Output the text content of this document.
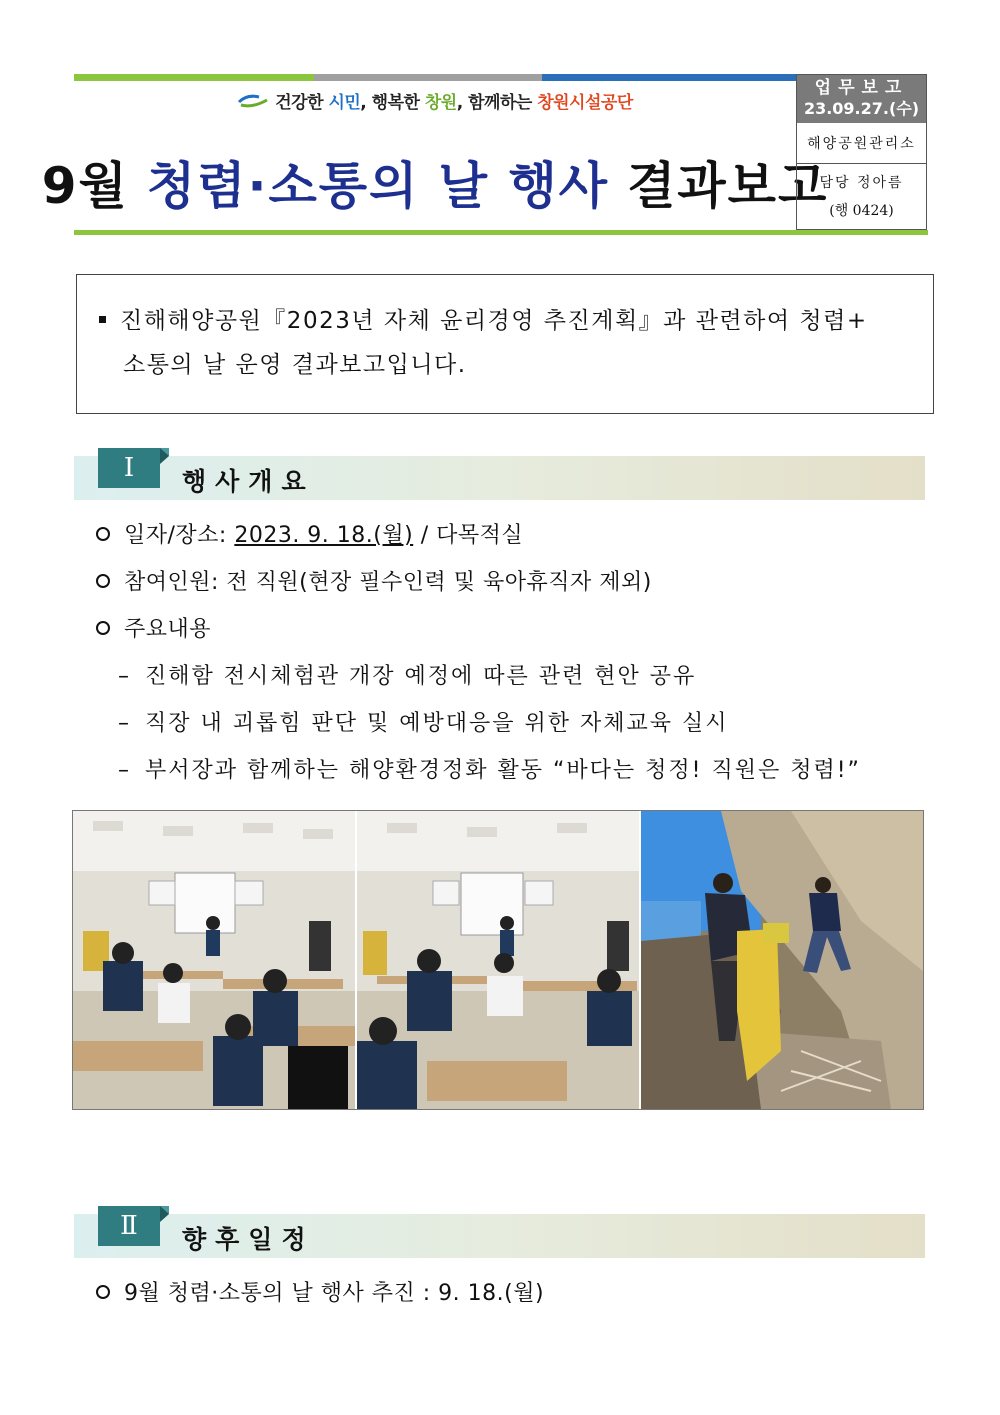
건강한 시민, 행복한 창원, 함께하는 창원시설공단
9월 청렴·소통의 날 행사 결과보고
업무보고
23.09.27.(수)
해양공원관리소
담당 정아름
(행 0424)
진해해양공원『2023년 자체 윤리경영 추진계획』과 관련하여 청렴+
소통의 날 운영 결과보고입니다.
Ⅰ	행사개요
일자/장소: 2023. 9. 18.(월) / 다목적실
참여인원: 전 직원(현장 필수인력 및 육아휴직자 제외)
주요내용
– 진해함 전시체험관 개장 예정에 따른 관련 현안 공유
– 직장 내 괴롭힘 판단 및 예방대응을 위한 자체교육 실시
– 부서장과 함께하는 해양환경정화 활동 “바다는 청정! 직원은 청렴!”
Ⅱ	향후일정
9월 청렴·소통의 날 행사 추진 : 9. 18.(월)
